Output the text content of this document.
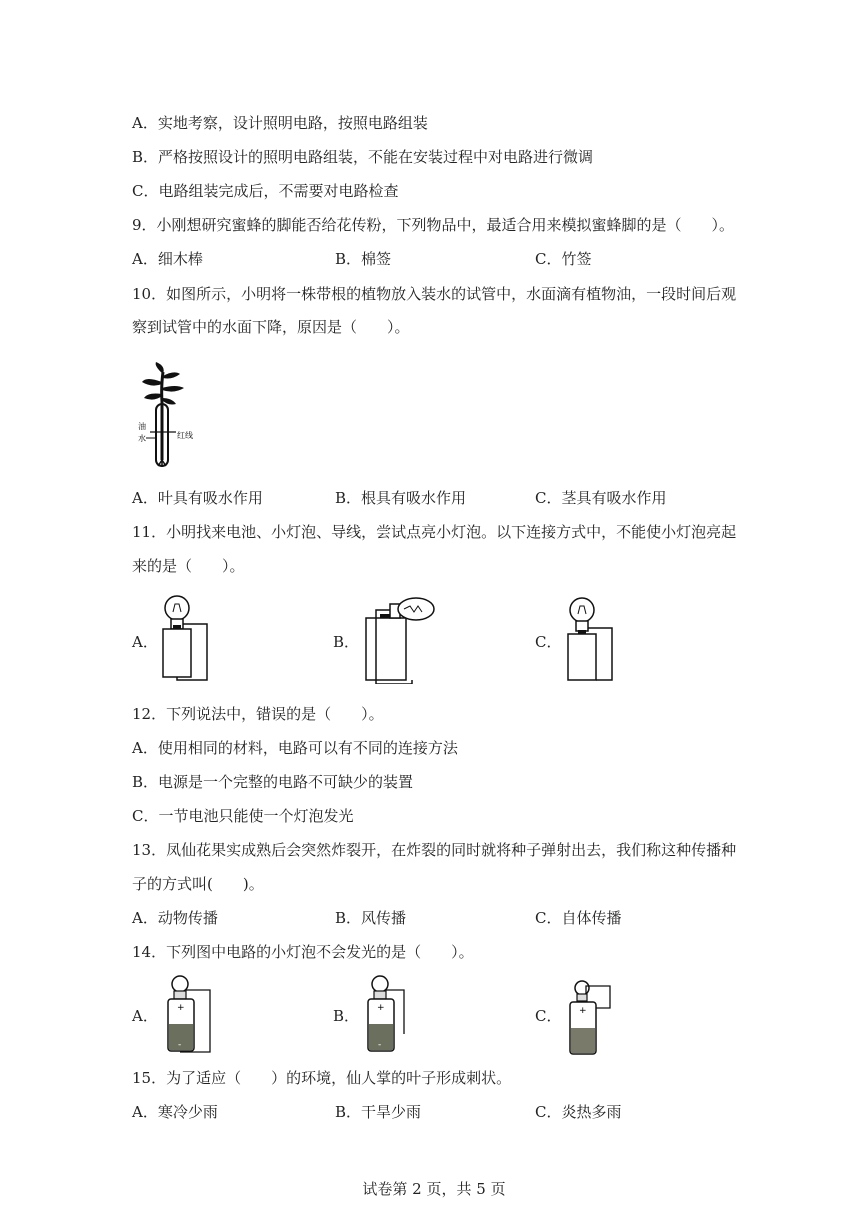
A．实地考察，设计照明电路，按照电路组装
B．严格按照设计的照明电路组装，不能在安装过程中对电路进行微调
C．电路组装完成后，不需要对电路检查
9．小刚想研究蜜蜂的脚能否给花传粉，下列物品中，最适合用来模拟蜜蜂脚的是（　　）。
A．细木棒	B．棉签	C．竹签
10．如图所示，小明将一株带根的植物放入装水的试管中，水面滴有植物油，一段时间后观
察到试管中的水面下降，原因是（　　）。
油
水	红线
A．叶具有吸水作用	B．根具有吸水作用	C．茎具有吸水作用
11．小明找来电池、小灯泡、导线，尝试点亮小灯泡。以下连接方式中，不能使小灯泡亮起
来的是（　　）。
A．	B．	C．
12．下列说法中，错误的是（　　）。
A．使用相同的材料，电路可以有不同的连接方法
B．电源是一个完整的电路不可缺少的装置
C．一节电池只能使一个灯泡发光
13．凤仙花果实成熟后会突然炸裂开，在炸裂的同时就将种子弹射出去，我们称这种传播种
子的方式叫(　　)。
A．动物传播	B．风传播	C．自体传播
14．下列图中电路的小灯泡不会发光的是（　　）。
A． +
-
B． +
-
C． +
15．为了适应（　　）的环境，仙人掌的叶子形成刺状。
A．寒冷少雨	B．干旱少雨	C．炎热多雨
试卷第 2 页，共 5 页
